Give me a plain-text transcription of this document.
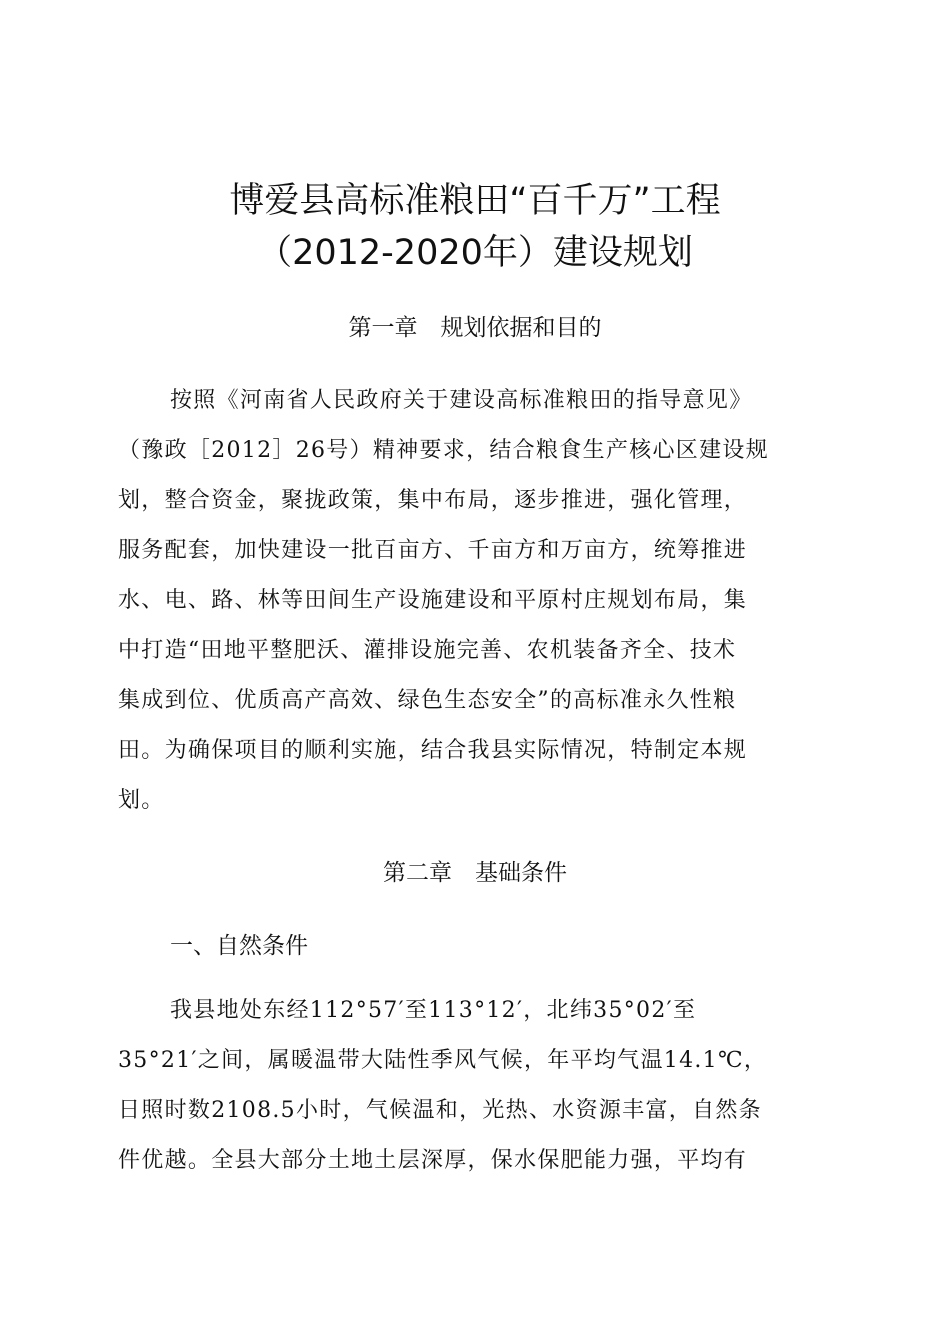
博爱县高标准粮田“百千万”工程
（2012-2020年）建设规划
第一章　规划依据和目的
按照《河南省人民政府关于建设高标准粮田的指导意见》
（豫政［2012］26号）精神要求，结合粮食生产核心区建设规
划，整合资金，聚拢政策，集中布局，逐步推进，强化管理，
服务配套，加快建设一批百亩方、千亩方和万亩方，统筹推进
水、电、路、林等田间生产设施建设和平原村庄规划布局，集
中打造“田地平整肥沃、灌排设施完善、农机装备齐全、技术
集成到位、优质高产高效、绿色生态安全”的高标准永久性粮
田。为确保项目的顺利实施，结合我县实际情况，特制定本规
划。
第二章　基础条件
一、自然条件
我县地处东经112°57′至113°12′，北纬35°02′至
35°21′之间，属暖温带大陆性季风气候，年平均气温14.1℃，
日照时数2108.5小时，气候温和，光热、水资源丰富，自然条
件优越。全县大部分土地土层深厚，保水保肥能力强，平均有
